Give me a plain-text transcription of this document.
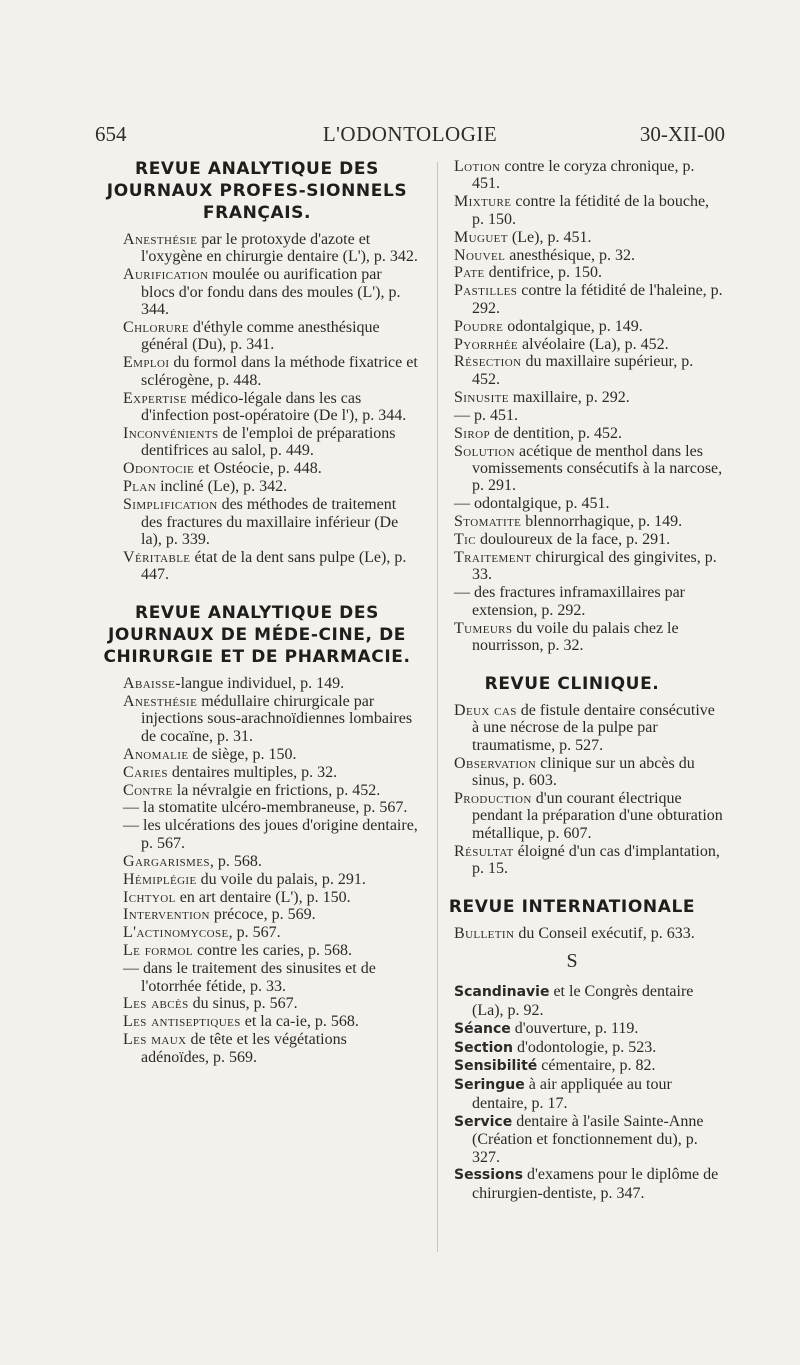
654	L'ODONTOLOGIE	30-XII-00
REVUE ANALYTIQUE DES JOURNAUX PROFES-SIONNELS FRANÇAIS.
Anesthésie par le protoxyde d'azote et l'oxygène en chirurgie dentaire (L'), p. 342.
Aurification moulée ou aurification par blocs d'or fondu dans des moules (L'), p. 344.
Chlorure d'éthyle comme anesthésique général (Du), p. 341.
Emploi du formol dans la méthode fixatrice et sclérogène, p. 448.
Expertise médico-légale dans les cas d'infection post-opératoire (De l'), p. 344.
Inconvénients de l'emploi de préparations dentifrices au salol, p. 449.
Odontocie et Ostéocie, p. 448.
Plan incliné (Le), p. 342.
Simplification des méthodes de traitement des fractures du maxillaire inférieur (De la), p. 339.
Véritable état de la dent sans pulpe (Le), p. 447.
REVUE ANALYTIQUE DES JOURNAUX DE MÉDE-CINE, DE CHIRURGIE ET DE PHARMACIE.
Abaisse-langue individuel, p. 149.
Anesthésie médullaire chirurgicale par injections sous-arachnoïdiennes lombaires de cocaïne, p. 31.
Anomalie de siège, p. 150.
Caries dentaires multiples, p. 32.
Contre la névralgie en frictions, p. 452.
— la stomatite ulcéro-membraneuse, p. 567.
— les ulcérations des joues d'origine dentaire, p. 567.
Gargarismes, p. 568.
Hémiplégie du voile du palais, p. 291.
Ichtyol en art dentaire (L'), p. 150.
Intervention précoce, p. 569.
L'actinomycose, p. 567.
Le formol contre les caries, p. 568.
— dans le traitement des sinusites et de l'otorrhée fétide, p. 33.
Les abcès du sinus, p. 567.
Les antiseptiques et la ca-ie, p. 568.
Les maux de tête et les végétations adénoïdes, p. 569.
Lotion contre le coryza chronique, p. 451.
Mixture contre la fétidité de la bouche, p. 150.
Muguet (Le), p. 451.
Nouvel anesthésique, p. 32.
Pate dentifrice, p. 150.
Pastilles contre la fétidité de l'haleine, p. 292.
Poudre odontalgique, p. 149.
Pyorrhée alvéolaire (La), p. 452.
Résection du maxillaire supérieur, p. 452.
Sinusite maxillaire, p. 292.
— p. 451.
Sirop de dentition, p. 452.
Solution acétique de menthol dans les vomissements consécutifs à la narcose, p. 291.
— odontalgique, p. 451.
Stomatite blennorrhagique, p. 149.
Tic douloureux de la face, p. 291.
Traitement chirurgical des gingivites, p. 33.
— des fractures inframaxillaires par extension, p. 292.
Tumeurs du voile du palais chez le nourrisson, p. 32.
REVUE CLINIQUE.
Deux cas de fistule dentaire consécutive à une nécrose de la pulpe par traumatisme, p. 527.
Observation clinique sur un abcès du sinus, p. 603.
Production d'un courant électrique pendant la préparation d'une obturation métallique, p. 607.
Résultat éloigné d'un cas d'implantation, p. 15.
REVUE INTERNATIONALE
Bulletin du Conseil exécutif, p. 633.
S
Scandinavie et le Congrès dentaire (La), p. 92.
Séance d'ouverture, p. 119.
Section d'odontologie, p. 523.
Sensibilité cémentaire, p. 82.
Seringue à air appliquée au tour dentaire, p. 17.
Service dentaire à l'asile Sainte-Anne (Création et fonctionnement du), p. 327.
Sessions d'examens pour le diplôme de chirurgien-dentiste, p. 347.
